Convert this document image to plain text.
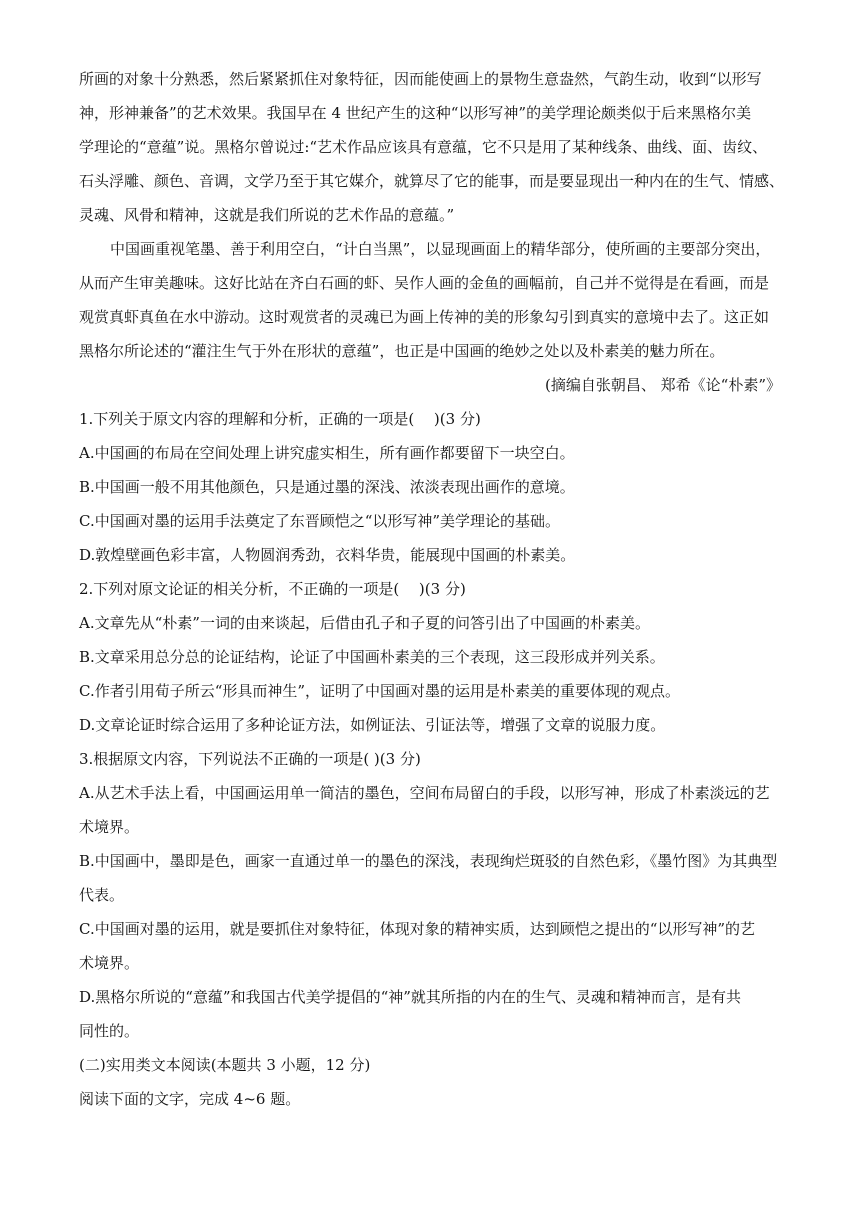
所画的对象十分熟悉，然后紧紧抓住对象特征，因而能使画上的景物生意盎然，气韵生动，收到“以形写
神，形神兼备”的艺术效果。我国早在 4 世纪产生的这种“以形写神”的美学理论颇类似于后来黑格尔美
学理论的“意蕴”说。黑格尔曾说过:“艺术作品应该具有意蕴，它不只是用了某种线条、曲线、面、齿纹、
石头浮雕、颜色、音调，文学乃至于其它媒介，就算尽了它的能事，而是要显现出一种内在的生气、情感、
灵魂、风骨和精神，这就是我们所说的艺术作品的意蕴。”
中国画重视笔墨、善于利用空白，“计白当黑”，以显现画面上的精华部分，使所画的主要部分突出，
从而产生审美趣味。这好比站在齐白石画的虾、吴作人画的金鱼的画幅前，自己并不觉得是在看画，而是
观赏真虾真鱼在水中游动。这时观赏者的灵魂已为画上传神的美的形象勾引到真实的意境中去了。这正如
黑格尔所论述的“灌注生气于外在形状的意蕴”，也正是中国画的绝妙之处以及朴素美的魅力所在。
(摘编自张朝昌、 郑希《论“朴素”》
1.下列关于原文内容的理解和分析，正确的一项是(　 )(3 分)
A.中国画的布局在空间处理上讲究虚实相生，所有画作都要留下一块空白。
B.中国画一般不用其他颜色，只是通过墨的深浅、浓淡表现出画作的意境。
C.中国画对墨的运用手法奠定了东晋顾恺之“以形写神”美学理论的基础。
D.敦煌壁画色彩丰富，人物圆润秀劲，衣料华贵，能展现中国画的朴素美。
2.下列对原文论证的相关分析，不正确的一项是(　 )(3 分)
A.文章先从“朴素”一词的由来谈起，后借由孔子和子夏的问答引出了中国画的朴素美。
B.文章采用总分总的论证结构，论证了中国画朴素美的三个表现，这三段形成并列关系。
C.作者引用荀子所云“形具而神生”，证明了中国画对墨的运用是朴素美的重要体现的观点。
D.文章论证时综合运用了多种论证方法，如例证法、引证法等，增强了文章的说服力度。
3.根据原文内容，下列说法不正确的一项是( )(3 分)
A.从艺术手法上看，中国画运用单一简洁的墨色，空间布局留白的手段，以形写神，形成了朴素淡远的艺
术境界。
B.中国画中，墨即是色，画家一直通过单一的墨色的深浅，表现绚烂斑驳的自然色彩，《墨竹图》为其典型
代表。
C.中国画对墨的运用，就是要抓住对象特征，体现对象的精神实质，达到顾恺之提出的“以形写神”的艺
术境界。
D.黑格尔所说的“意蕴”和我国古代美学提倡的“神”就其所指的内在的生气、灵魂和精神而言，是有共
同性的。
(二)实用类文本阅读(本题共 3 小题，12 分)
阅读下面的文字，完成 4~6 题。
